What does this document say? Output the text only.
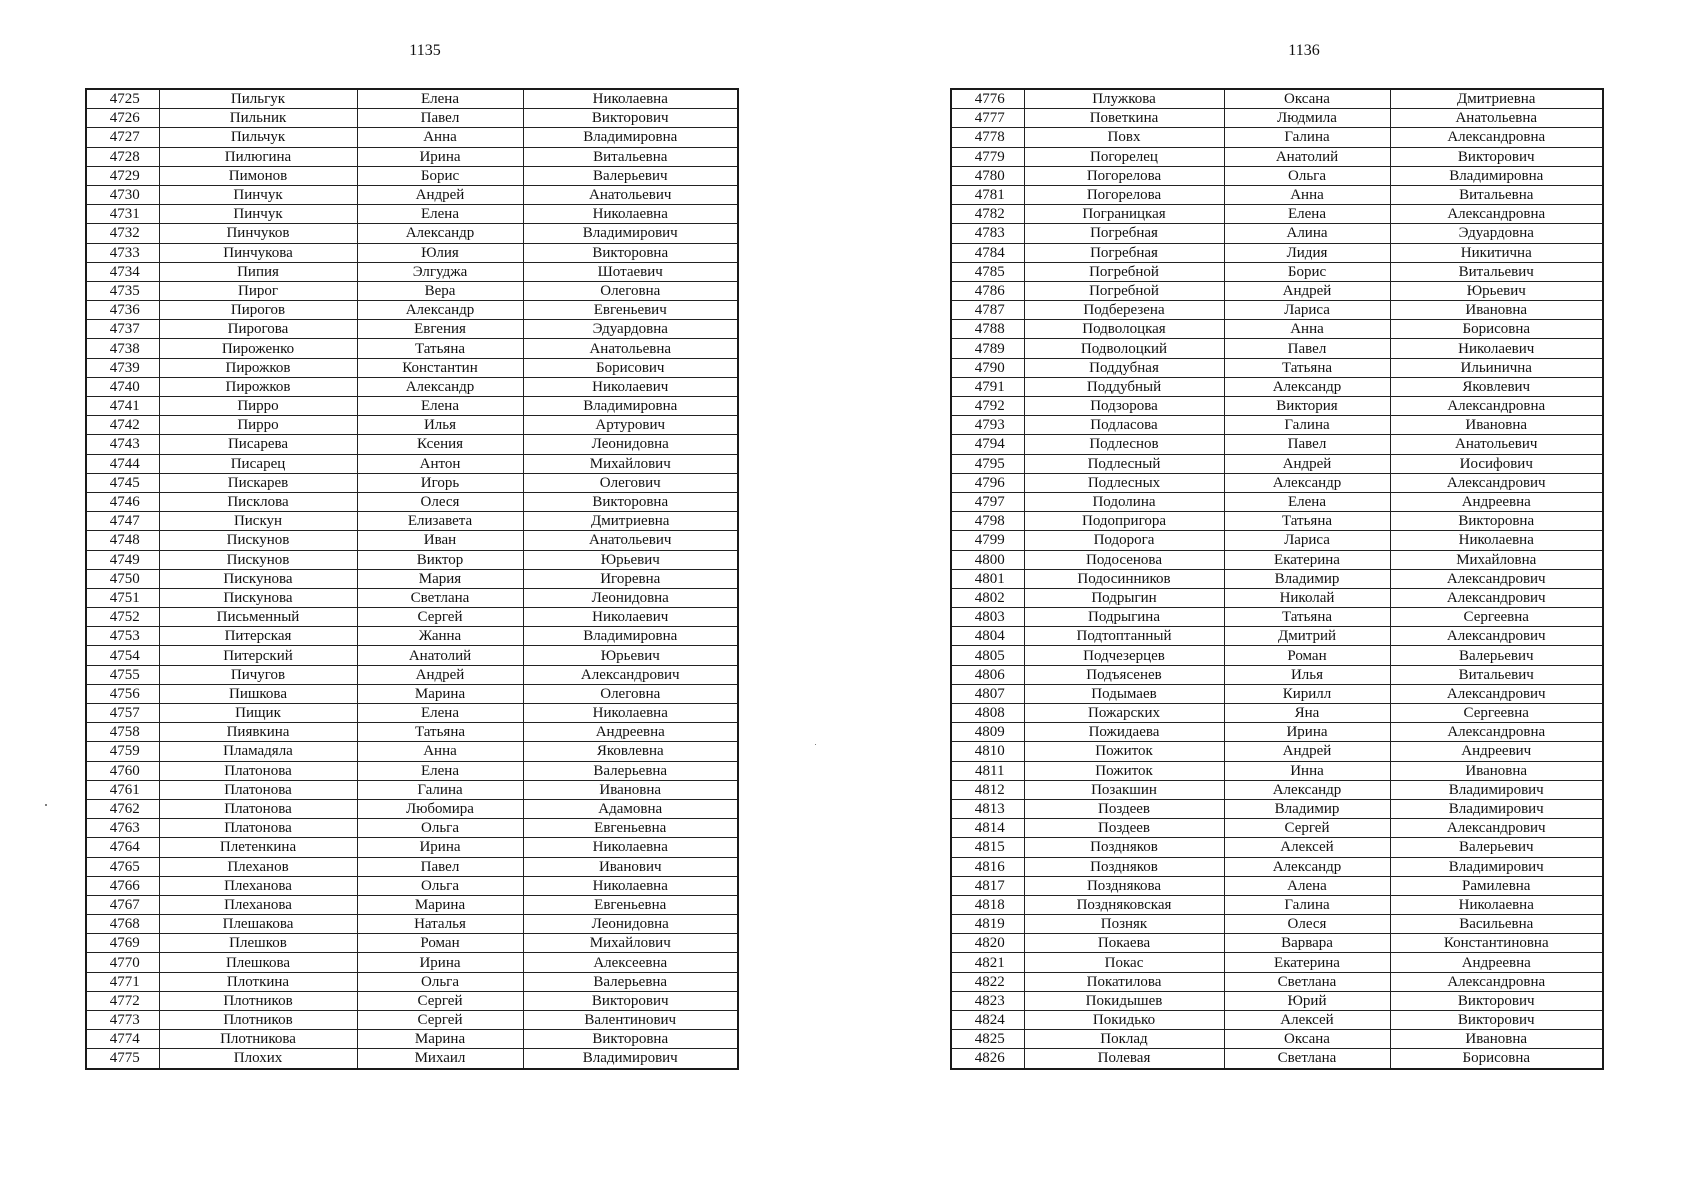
1135	1136
4725	Пильгук	Елена	Николаевна
4726	Пильник	Павел	Викторович
4727	Пильчук	Анна	Владимировна
4728	Пилюгина	Ирина	Витальевна
4729	Пимонов	Борис	Валерьевич
4730	Пинчук	Андрей	Анатольевич
4731	Пинчук	Елена	Николаевна
4732	Пинчуков	Александр	Владимирович
4733	Пинчукова	Юлия	Викторовна
4734	Пипия	Элгуджа	Шотаевич
4735	Пирог	Вера	Олеговна
4736	Пирогов	Александр	Евгеньевич
4737	Пирогова	Евгения	Эдуардовна
4738	Пироженко	Татьяна	Анатольевна
4739	Пирожков	Константин	Борисович
4740	Пирожков	Александр	Николаевич
4741	Пирро	Елена	Владимировна
4742	Пирро	Илья	Артурович
4743	Писарева	Ксения	Леонидовна
4744	Писарец	Антон	Михайлович
4745	Пискарев	Игорь	Олегович
4746	Писклова	Олеся	Викторовна
4747	Пискун	Елизавета	Дмитриевна
4748	Пискунов	Иван	Анатольевич
4749	Пискунов	Виктор	Юрьевич
4750	Пискунова	Мария	Игоревна
4751	Пискунова	Светлана	Леонидовна
4752	Письменный	Сергей	Николаевич
4753	Питерская	Жанна	Владимировна
4754	Питерский	Анатолий	Юрьевич
4755	Пичугов	Андрей	Александрович
4756	Пишкова	Марина	Олеговна
4757	Пищик	Елена	Николаевна
4758	Пиявкина	Татьяна	Андреевна
4759	Пламадяла	Анна	Яковлевна
4760	Платонова	Елена	Валерьевна
4761	Платонова	Галина	Ивановна
4762	Платонова	Любомира	Адамовна
4763	Платонова	Ольга	Евгеньевна
4764	Плетенкина	Ирина	Николаевна
4765	Плеханов	Павел	Иванович
4766	Плеханова	Ольга	Николаевна
4767	Плеханова	Марина	Евгеньевна
4768	Плешакова	Наталья	Леонидовна
4769	Плешков	Роман	Михайлович
4770	Плешкова	Ирина	Алексеевна
4771	Плоткина	Ольга	Валерьевна
4772	Плотников	Сергей	Викторович
4773	Плотников	Сергей	Валентинович
4774	Плотникова	Марина	Викторовна
4775	Плохих	Михаил	Владимирович
4776	Плужкова	Оксана	Дмитриевна
4777	Поветкина	Людмила	Анатольевна
4778	Повх	Галина	Александровна
4779	Погорелец	Анатолий	Викторович
4780	Погорелова	Ольга	Владимировна
4781	Погорелова	Анна	Витальевна
4782	Пограницкая	Елена	Александровна
4783	Погребная	Алина	Эдуардовна
4784	Погребная	Лидия	Никитична
4785	Погребной	Борис	Витальевич
4786	Погребной	Андрей	Юрьевич
4787	Подберезена	Лариса	Ивановна
4788	Подволоцкая	Анна	Борисовна
4789	Подволоцкий	Павел	Николаевич
4790	Поддубная	Татьяна	Ильинична
4791	Поддубный	Александр	Яковлевич
4792	Подзорова	Виктория	Александровна
4793	Подласова	Галина	Ивановна
4794	Подлеснов	Павел	Анатольевич
4795	Подлесный	Андрей	Иосифович
4796	Подлесных	Александр	Александрович
4797	Подолина	Елена	Андреевна
4798	Подопригора	Татьяна	Викторовна
4799	Подорога	Лариса	Николаевна
4800	Подосенова	Екатерина	Михайловна
4801	Подосинников	Владимир	Александрович
4802	Подрыгин	Николай	Александрович
4803	Подрыгина	Татьяна	Сергеевна
4804	Подтоптанный	Дмитрий	Александрович
4805	Подчезерцев	Роман	Валерьевич
4806	Подъясенев	Илья	Витальевич
4807	Подымаев	Кирилл	Александрович
4808	Пожарских	Яна	Сергеевна
4809	Пожидаева	Ирина	Александровна
4810	Пожиток	Андрей	Андреевич
4811	Пожиток	Инна	Ивановна
4812	Позакшин	Александр	Владимирович
4813	Поздеев	Владимир	Владимирович
4814	Поздеев	Сергей	Александрович
4815	Поздняков	Алексей	Валерьевич
4816	Поздняков	Александр	Владимирович
4817	Позднякова	Алена	Рамилевна
4818	Поздняковская	Галина	Николаевна
4819	Позняк	Олеся	Васильевна
4820	Покаева	Варвара	Константиновна
4821	Покас	Екатерина	Андреевна
4822	Покатилова	Светлана	Александровна
4823	Покидышев	Юрий	Викторович
4824	Покидько	Алексей	Викторович
4825	Поклад	Оксана	Ивановна
4826	Полевая	Светлана	Борисовна
